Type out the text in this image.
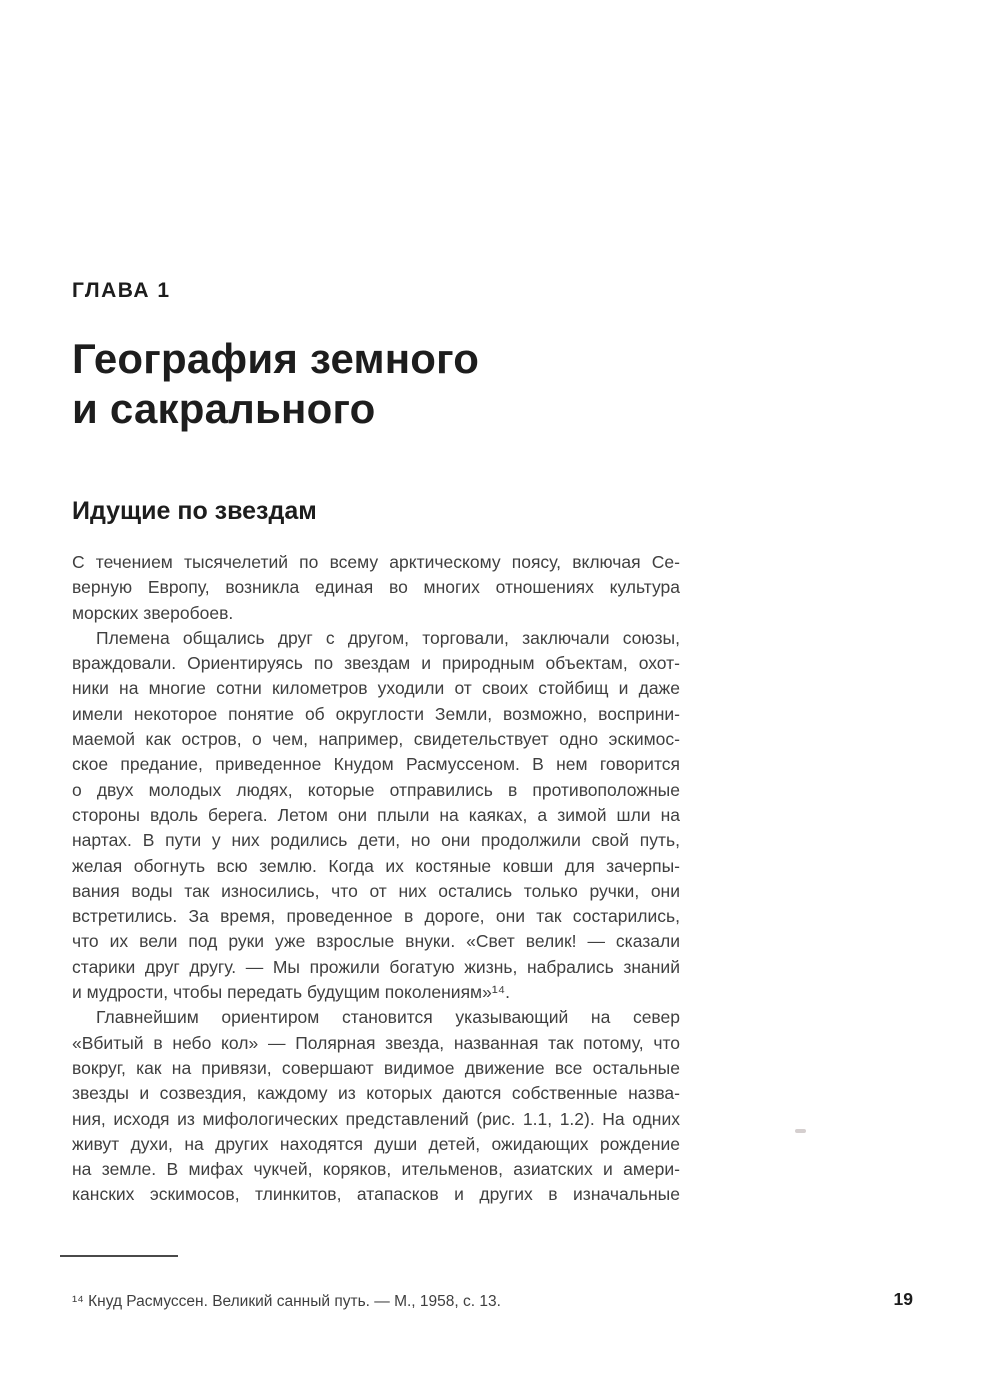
ГЛАВА 1
География земного
и сакрального
Идущие по звездам
С течением тысячелетий по всему арктическому поясу, включая Се-
верную Европу, возникла единая во многих отношениях культура
морских зверобоев.
Племена общались друг с другом, торговали, заключали союзы,
враждовали. Ориентируясь по звездам и природным объектам, охот-
ники на многие сотни километров уходили от своих стойбищ и даже
имели некоторое понятие об округлости Земли, возможно, восприни-
маемой как остров, о чем, например, свидетельствует одно эскимос-
ское предание, приведенное Кнудом Расмуссеном. В нем говорится
о двух молодых людях, которые отправились в противоположные
стороны вдоль берега. Летом они плыли на каяках, а зимой шли на
нартах. В пути у них родились дети, но они продолжили свой путь,
желая обогнуть всю землю. Когда их костяные ковши для зачерпы-
вания воды так износились, что от них остались только ручки, они
встретились. За время, проведенное в дороге, они так состарились,
что их вели под руки уже взрослые внуки. «Свет велик! — сказали
старики друг другу. — Мы прожили богатую жизнь, набрались знаний
и мудрости, чтобы передать будущим поколениям»¹⁴.
Главнейшим ориентиром становится указывающий на север
«Вбитый в небо кол» — Полярная звезда, названная так потому, что
вокруг, как на привязи, совершают видимое движение все остальные
звезды и созвездия, каждому из которых даются собственные назва-
ния, исходя из мифологических представлений (рис. 1.1, 1.2). На одних
живут духи, на других находятся души детей, ожидающих рождение
на земле. В мифах чукчей, коряков, ительменов, азиатских и амери-
канских эскимосов, тлинкитов, атапасков и других в изначальные
¹⁴ Кнуд Расмуссен. Великий санный путь. — М., 1958, с. 13.	19
